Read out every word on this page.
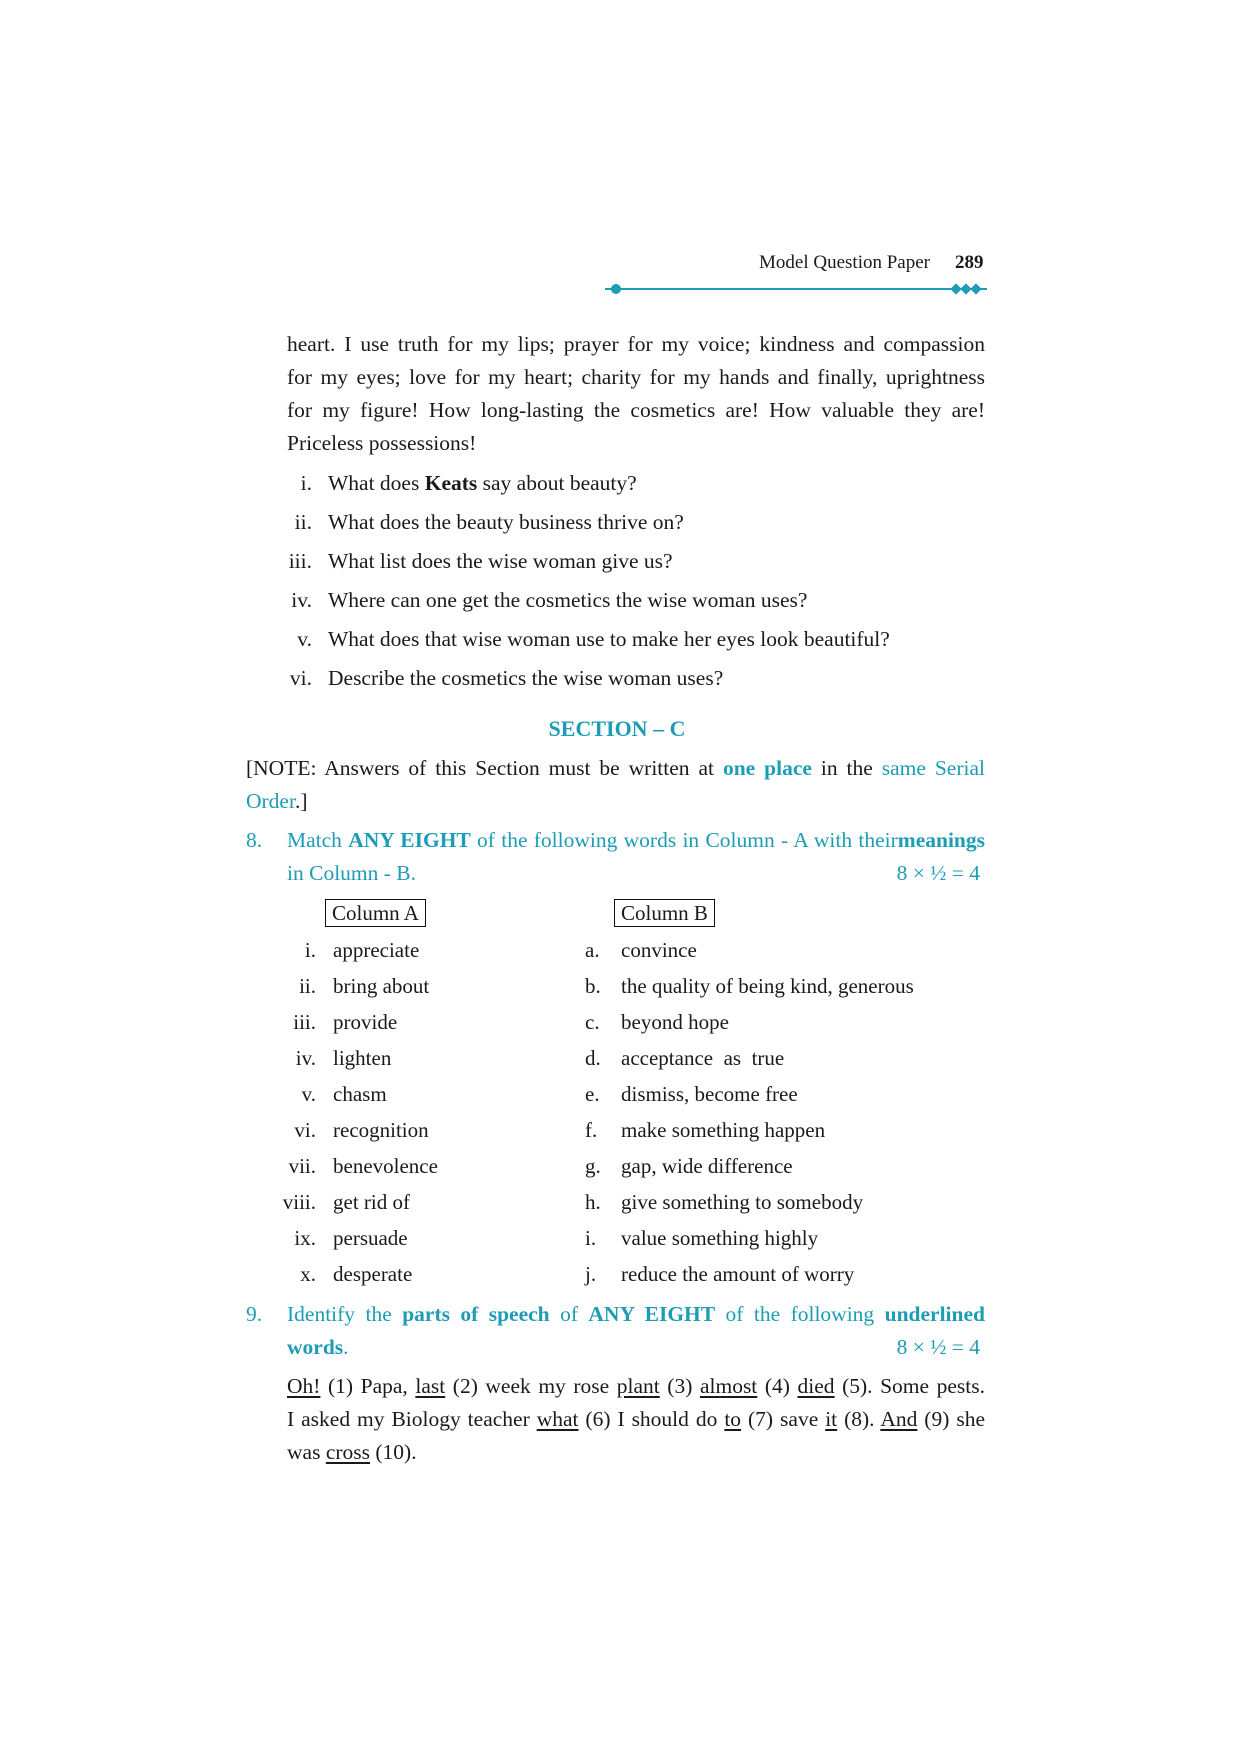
Model Question Paper 289
heart. I use truth for my lips; prayer for my voice; kindness and compassion
for my eyes; love for my heart; charity for my hands and finally, uprightness
for my figure! How long-lasting the cosmetics are! How valuable they are!
Priceless possessions!
i. What does Keats say about beauty?
ii. What does the beauty business thrive on?
iii. What list does the wise woman give us?
iv. Where can one get the cosmetics the wise woman uses?
v. What does that wise woman use to make her eyes look beautiful?
vi. Describe the cosmetics the wise woman uses?
SECTION – C
[NOTE: Answers of this Section must be written at one place in the same Serial
Order.]
8. Match ANY EIGHT of the following words in Column - A with theirmeanings
in Column - B.	8 × ½ = 4
Column A	Column B
i. appreciate	a. convince
ii. bring about	b. the quality of being kind, generous
iii. provide	c. beyond hope
iv. lighten	d. acceptance  as  true
v. chasm	e. dismiss, become free
vi. recognition	f. make something happen
vii. benevolence	g. gap, wide difference
viii. get rid of	h. give something to somebody
ix. persuade	i. value something highly
x. desperate	j. reduce the amount of worry
9. Identify the parts of speech of ANY EIGHT of the following underlined
words.	8 × ½ = 4
Oh! (1) Papa, last (2) week my rose plant (3) almost (4) died (5). Some pests.
I asked my Biology teacher what (6) I should do to (7) save it (8). And (9) she
was cross (10).
